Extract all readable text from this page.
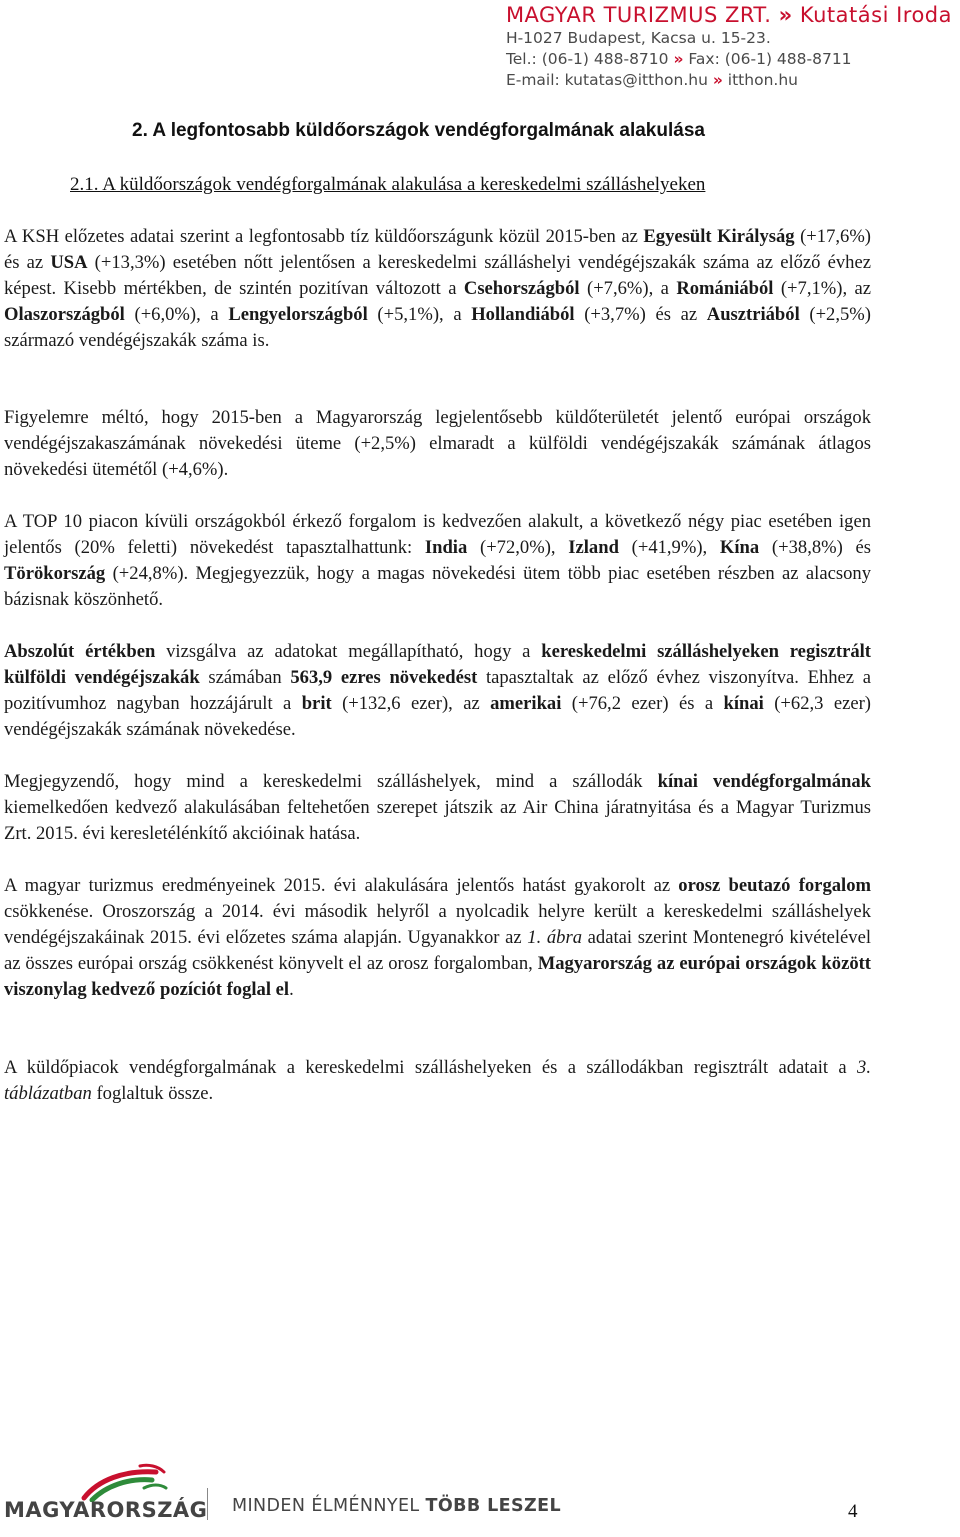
MAGYAR TURIZMUS ZRT. » Kutatási Iroda
H-1027 Budapest, Kacsa u. 15-23.
Tel.: (06-1) 488-8710 » Fax: (06-1) 488-8711
E-mail: kutatas@itthon.hu » itthon.hu
2. A legfontosabb küldőországok vendégforgalmának alakulása
2.1. A küldőországok vendégforgalmának alakulása a kereskedelmi szálláshelyeken

A KSH előzetes adatai szerint a legfontosabb tíz küldőországunk közül 2015-ben az Egyesült Királyság (+17,6%) és az USA (+13,3%) esetében nőtt jelentősen a kereskedelmi szálláshelyi vendégéjszakák száma az előző évhez képest. Kisebb mértékben, de szintén pozitívan változott a Csehországból (+7,6%), a Romániából (+7,1%), az Olaszországból (+6,0%), a Lengyelországból (+5,1%), a Hollandiából (+3,7%) és az Ausztriából (+2,5%) származó vendégéjszakák száma is.

Figyelemre méltó, hogy 2015-ben a Magyarország legjelentősebb küldőterületét jelentő európai országok vendégéjszakaszámának növekedési üteme (+2,5%) elmaradt a külföldi vendégéjszakák számának átlagos növekedési ütemétől (+4,6%).

A TOP 10 piacon kívüli országokból érkező forgalom is kedvezően alakult, a következő négy piac esetében igen jelentős (20% feletti) növekedést tapasztalhattunk: India (+72,0%), Izland (+41,9%), Kína (+38,8%) és Törökország (+24,8%). Megjegyezzük, hogy a magas növekedési ütem több piac esetében részben az alacsony bázisnak köszönhető.

Abszolút értékben vizsgálva az adatokat megállapítható, hogy a kereskedelmi szálláshelyeken regisztrált külföldi vendégéjszakák számában 563,9 ezres növekedést tapasztaltak az előző évhez viszonyítva. Ehhez a pozitívumhoz nagyban hozzájárult a brit (+132,6 ezer), az amerikai (+76,2 ezer) és a kínai (+62,3 ezer) vendégéjszakák számának növekedése.

Megjegyzendő, hogy mind a kereskedelmi szálláshelyek, mind a szállodák kínai vendégforgalmának kiemelkedően kedvező alakulásában feltehetően szerepet játszik az Air China járatnyitása és a Magyar Turizmus Zrt. 2015. évi keresletélénkítő akcióinak hatása.

A magyar turizmus eredményeinek 2015. évi alakulására jelentős hatást gyakorolt az orosz beutazó forgalom csökkenése. Oroszország a 2014. évi második helyről a nyolcadik helyre került a kereskedelmi szálláshelyek vendégéjszakáinak 2015. évi előzetes száma alapján. Ugyanakkor az 1. ábra adatai szerint Montenegró kivételével az összes európai ország csökkenést könyvelt el az orosz forgalomban, Magyarország az európai országok között viszonylag kedvező pozíciót foglal el.

A küldőpiacok vendégforgalmának a kereskedelmi szálláshelyeken és a szállodákban regisztrált adatait a 3. táblázatban foglaltuk össze.

MAGYARORSZÁG MINDEN ÉLMÉNNYEL TÖBB LESZEL	4
